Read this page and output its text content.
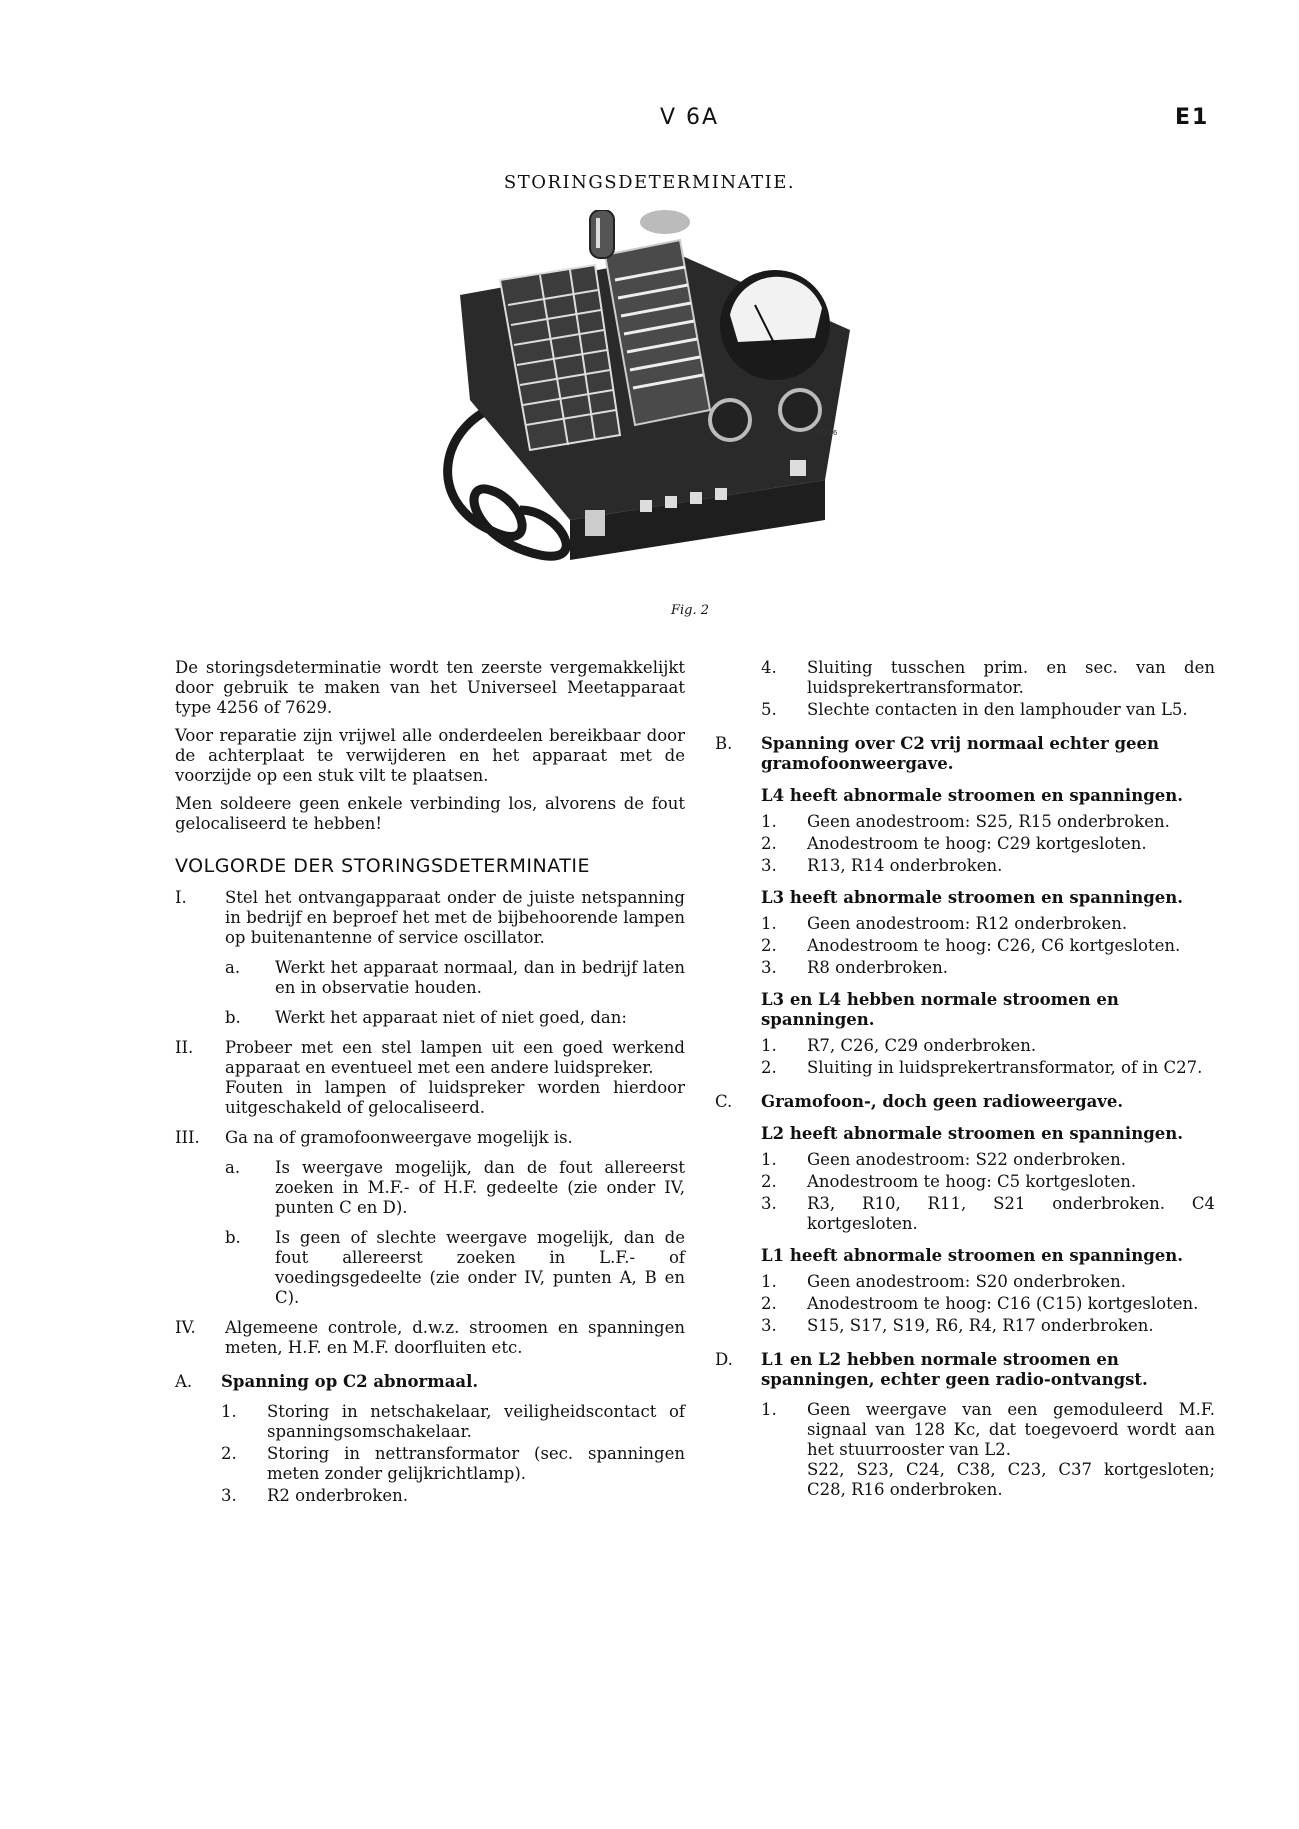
V 6A	E1
STORINGSDETERMINATIE.
61936
Fig. 2

De storingsdeterminatie wordt ten zeerste vergemakkelijkt door gebruik te maken van het Universeel Meetapparaat type 4256 of 7629.

Voor reparatie zijn vrijwel alle onderdeelen bereikbaar door de achterplaat te verwijderen en het apparaat met de voorzijde op een stuk vilt te plaatsen.

Men soldeere geen enkele verbinding los, alvorens de fout gelocaliseerd te hebben!

VOLGORDE DER STORINGSDETERMINATIE
I. Stel het ontvangapparaat onder de juiste netspanning in bedrijf en beproef het met de bijbehoorende lampen op buitenantenne of service oscillator.
a. Werkt het apparaat normaal, dan in bedrijf laten en in observatie houden.
b. Werkt het apparaat niet of niet goed, dan:
II. Probeer met een stel lampen uit een goed werkend apparaat en eventueel met een andere luidspreker.
Fouten in lampen of luidspreker worden hierdoor uitgeschakeld of gelocaliseerd.
III. Ga na of gramofoonweergave mogelijk is.
a. Is weergave mogelijk, dan de fout allereerst zoeken in M.F.- of H.F. gedeelte (zie onder IV, punten C en D).
b. Is geen of slechte weergave mogelijk, dan de fout allereerst zoeken in L.F.- of voedingsgedeelte (zie onder IV, punten A, B en C).
IV. Algemeene controle, d.w.z. stroomen en spanningen meten, H.F. en M.F. doorfluiten etc.
A. Spanning op C2 abnormaal.
1. Storing in netschakelaar, veiligheidscontact of spanningsomschakelaar.
2. Storing in nettransformator (sec. spanningen meten zonder gelijkrichtlamp).
3. R2 onderbroken.
4. Sluiting tusschen prim. en sec. van den luidsprekertransformator.
5. Slechte contacten in den lamphouder van L5.
B. Spanning over C2 vrij normaal echter geen gramofoonweergave.
L4 heeft abnormale stroomen en spanningen.
1. Geen anodestroom: S25, R15 onderbroken.
2. Anodestroom te hoog: C29 kortgesloten.
3. R13, R14 onderbroken.
L3 heeft abnormale stroomen en spanningen.
1. Geen anodestroom: R12 onderbroken.
2. Anodestroom te hoog: C26, C6 kortgesloten.
3. R8 onderbroken.
L3 en L4 hebben normale stroomen en spanningen.
1. R7, C26, C29 onderbroken.
2. Sluiting in luidsprekertransformator, of in C27.
C. Gramofoon-, doch geen radioweergave.
L2 heeft abnormale stroomen en spanningen.
1. Geen anodestroom: S22 onderbroken.
2. Anodestroom te hoog: C5 kortgesloten.
3. R3, R10, R11, S21 onderbroken. C4 kortgesloten.
L1 heeft abnormale stroomen en spanningen.
1. Geen anodestroom: S20 onderbroken.
2. Anodestroom te hoog: C16 (C15) kortgesloten.
3. S15, S17, S19, R6, R4, R17 onderbroken.
D. L1 en L2 hebben normale stroomen en spanningen, echter geen radio-ontvangst.
1. Geen weergave van een gemoduleerd M.F. signaal van 128 Kc, dat toegevoerd wordt aan het stuurrooster van L2.
S22, S23, C24, C38, C23, C37 kortgesloten; C28, R16 onderbroken.
